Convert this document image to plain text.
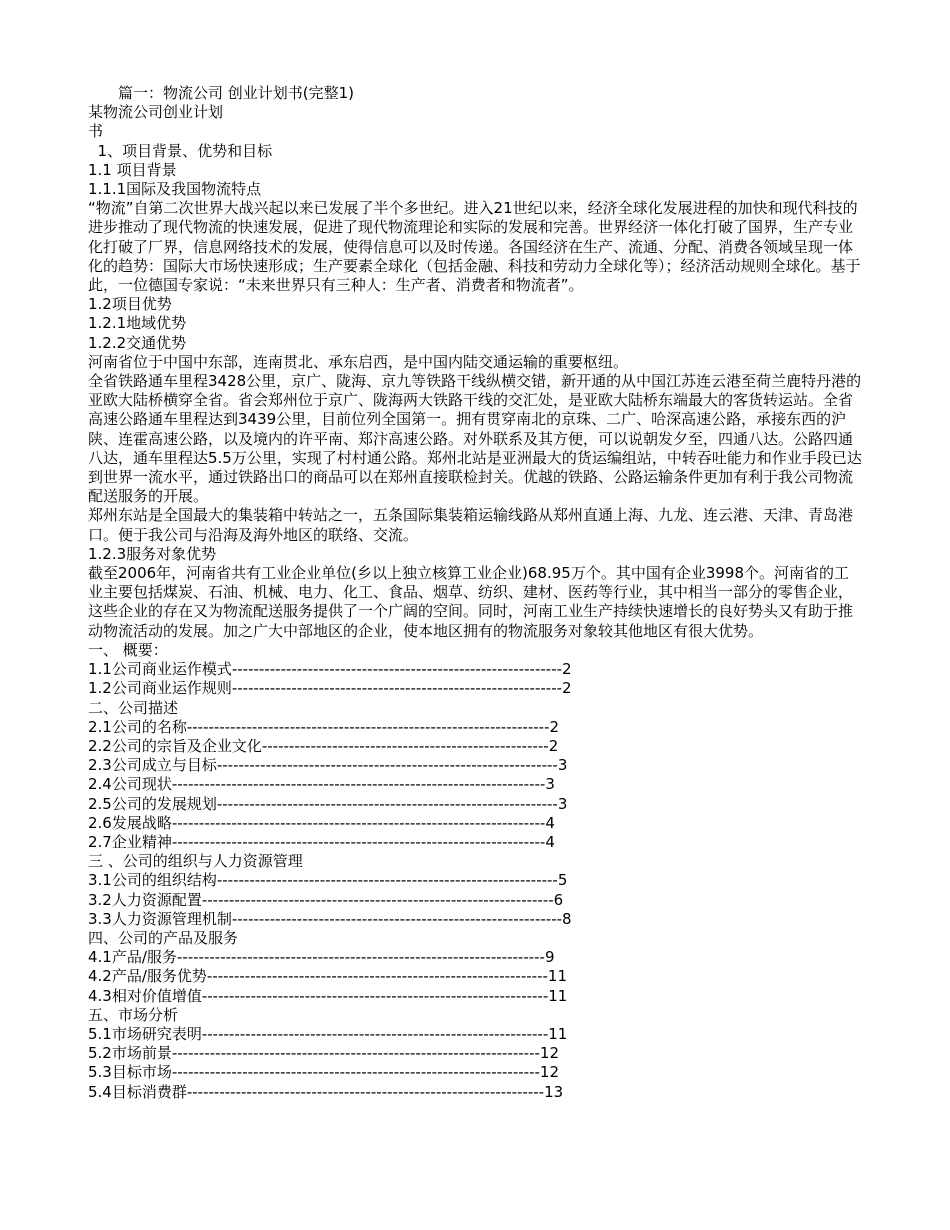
　　篇一：物流公司 创业计划书(完整1)
某物流公司创业计划
书
1、项目背景、优势和目标
1.1 项目背景
1.1.1国际及我国物流特点
“物流”自第二次世界大战兴起以来已发展了半个多世纪。进入21世纪以来，经济全球化发展进程的加快和现代科技的进步推动了现代物流的快速发展，促进了现代物流理论和实际的发展和完善。世界经济一体化打破了国界，生产专业化打破了厂界，信息网络技术的发展，使得信息可以及时传递。各国经济在生产、流通、分配、消费各领域呈现一体化的趋势：国际大市场快速形成；生产要素全球化（包括金融、科技和劳动力全球化等）；经济活动规则全球化。基于此，一位德国专家说：“未来世界只有三种人：生产者、消费者和物流者”。
1.2项目优势
1.2.1地域优势
1.2.2交通优势
河南省位于中国中东部，连南贯北、承东启西，是中国内陆交通运输的重要枢纽。
全省铁路通车里程3428公里，京广、陇海、京九等铁路干线纵横交错，新开通的从中国江苏连云港至荷兰鹿特丹港的亚欧大陆桥横穿全省。省会郑州位于京广、陇海两大铁路干线的交汇处，是亚欧大陆桥东端最大的客货转运站。全省高速公路通车里程达到3439公里，目前位列全国第一。拥有贯穿南北的京珠、二广、哈深高速公路，承接东西的沪陕、连霍高速公路，以及境内的许平南、郑汴高速公路。对外联系及其方便，可以说朝发夕至，四通八达。公路四通八达，通车里程达5.5万公里，实现了村村通公路。郑州北站是亚洲最大的货运编组站，中转吞吐能力和作业手段已达到世界一流水平，通过铁路出口的商品可以在郑州直接联检封关。优越的铁路、公路运输条件更加有利于我公司物流配送服务的开展。
郑州东站是全国最大的集装箱中转站之一，五条国际集装箱运输线路从郑州直通上海、九龙、连云港、天津、青岛港口。便于我公司与沿海及海外地区的联络、交流。
1.2.3服务对象优势
截至2006年，河南省共有工业企业单位(乡以上独立核算工业企业)68.95万个。其中国有企业3998个。河南省的工业主要包括煤炭、石油、机械、电力、化工、食品、烟草、纺织、建材、医药等行业，其中相当一部分的零售企业，这些企业的存在又为物流配送服务提供了一个广阔的空间。同时，河南工业生产持续快速增长的良好势头又有助于推动物流活动的发展。加之广大中部地区的企业，使本地区拥有的物流服务对象较其他地区有很大优势。
一、 概要：
1.1公司商业运作模式-------------------------------------------------------------2
1.2公司商业运作规则-------------------------------------------------------------2
二、公司描述
2.1公司的名称-------------------------------------------------------------------2
2.2公司的宗旨及企业文化-----------------------------------------------------2
2.3公司成立与目标---------------------------------------------------------------3
2.4公司现状---------------------------------------------------------------------3
2.5公司的发展规划---------------------------------------------------------------3
2.6发展战略---------------------------------------------------------------------4
2.7企业精神---------------------------------------------------------------------4
三 、公司的组织与人力资源管理
3.1公司的组织结构---------------------------------------------------------------5
3.2人力资源配置-----------------------------------------------------------------6
3.3人力资源管理机制-------------------------------------------------------------8
四、公司的产品及服务
4.1产品/服务--------------------------------------------------------------------9
4.2产品/服务优势---------------------------------------------------------------11
4.3相对价值增值----------------------------------------------------------------11
五、市场分析
5.1市场研究表明----------------------------------------------------------------11
5.2市场前景--------------------------------------------------------------------12
5.3目标市场--------------------------------------------------------------------12
5.4目标消费群------------------------------------------------------------------13
